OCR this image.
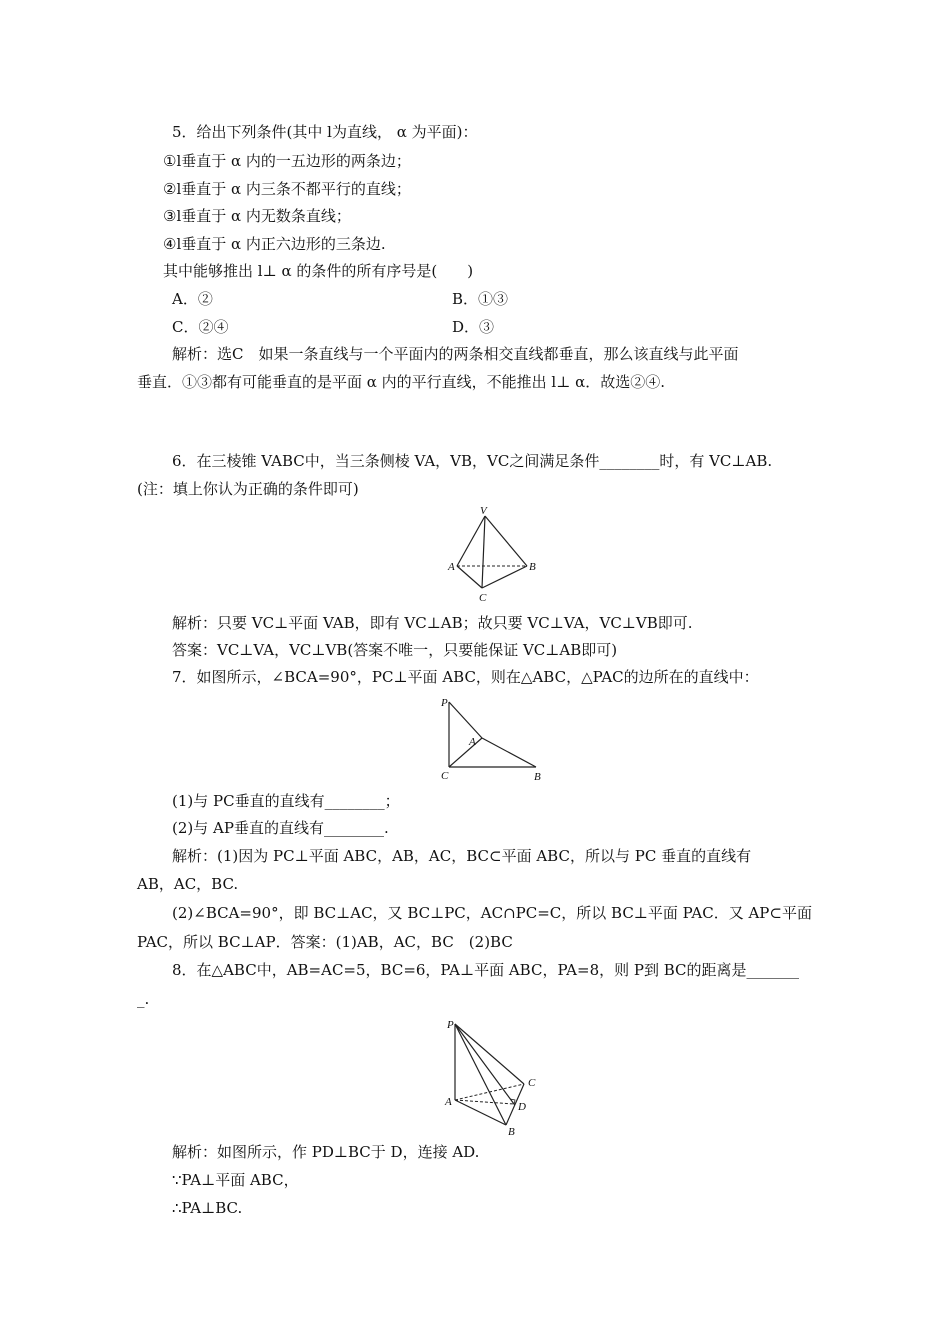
5．给出下列条件(其中 l为直线， α 为平面)：
①l垂直于 α 内的一五边形的两条边；
②l垂直于 α 内三条不都平行的直线；
③l垂直于 α 内无数条直线；
④l垂直于 α 内正六边形的三条边.
其中能够推出 l⊥ α 的条件的所有序号是(　　)
A．②	B．①③
C．②④	D．③
解析：选C　如果一条直线与一个平面内的两条相交直线都垂直，那么该直线与此平面
垂直．①③都有可能垂直的是平面 α 内的平行直线，不能推出 l⊥ α．故选②④.
6．在三棱锥 VABC中，当三条侧棱 VA，VB，VC之间满足条件________时，有 VC⊥AB.
(注：填上你认为正确的条件即可)
V
A	B
C
解析：只要 VC⊥平面 VAB，即有 VC⊥AB；故只要 VC⊥VA，VC⊥VB即可.
答案：VC⊥VA，VC⊥VB(答案不唯一，只要能保证 VC⊥AB即可)
7．如图所示，∠BCA=90°，PC⊥平面 ABC，则在△ABC，△PAC的边所在的直线中：
P
A
C	B
(1)与 PC垂直的直线有________；
(2)与 AP垂直的直线有________.
解析：(1)因为 PC⊥平面 ABC，AB，AC，BC⊂平面 ABC，所以与 PC 垂直的直线有
AB，AC，BC.
(2)∠BCA=90°，即 BC⊥AC，又 BC⊥PC，AC∩PC=C，所以 BC⊥平面 PAC．又 AP⊂平面
PAC，所以 BC⊥AP．答案：(1)AB，AC，BC　(2)BC
8．在△ABC中，AB=AC=5，BC=6，PA⊥平面 ABC，PA=8，则 P到 BC的距离是_______
_.
P
A
C
D
B
解析：如图所示，作 PD⊥BC于 D，连接 AD.
∵PA⊥平面 ABC，
∴PA⊥BC.
